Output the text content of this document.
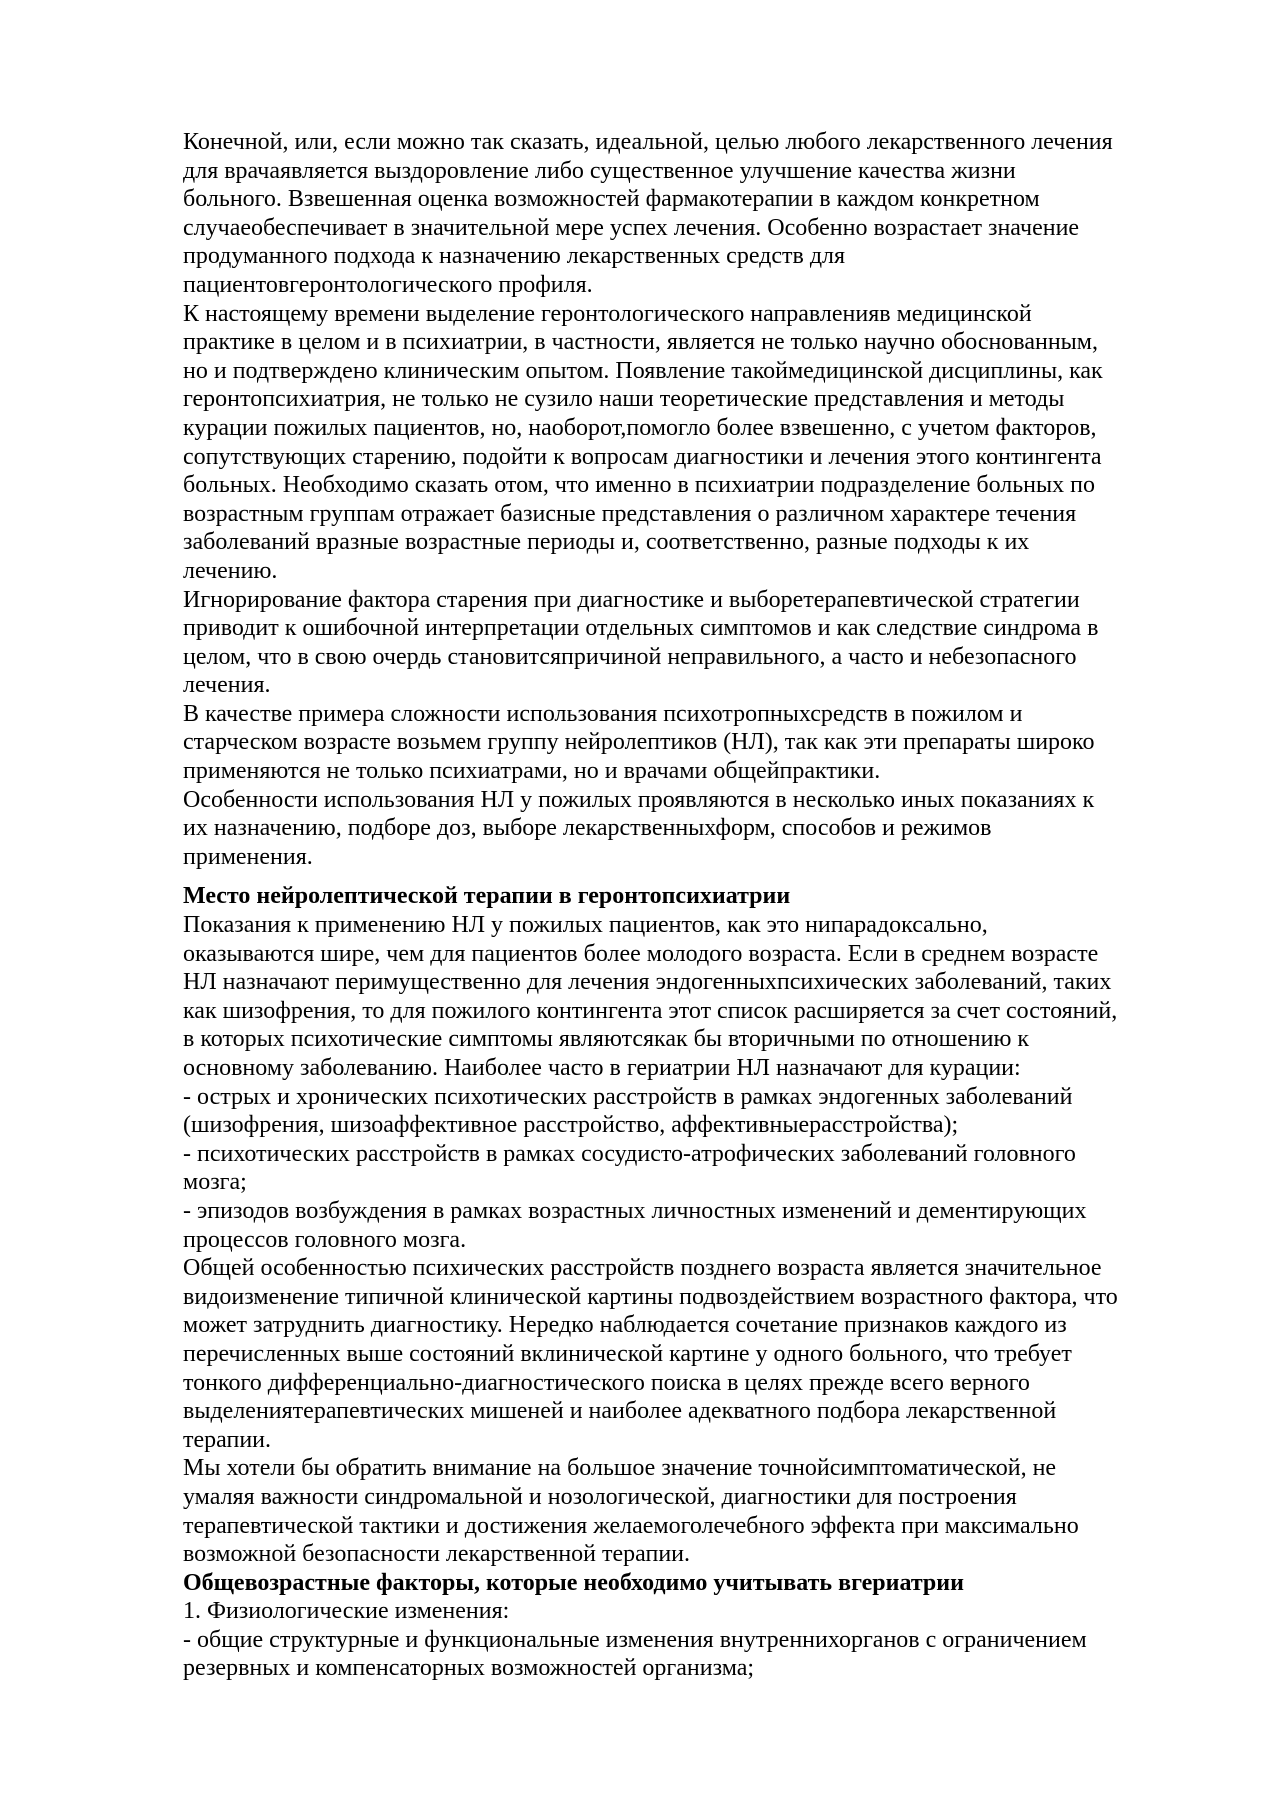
Конечной, или, если можно так сказать, идеальной, целью любого лекарственного лечения
для врачаявляется выздоровление либо существенное улучшение качества жизни
больного. Взвешенная оценка возможностей фармакотерапии в каждом конкретном
случаеобеспечивает в значительной мере успех лечения. Особенно возрастает значение
продуманного подхода к назначению лекарственных средств для
пациентовгеронтологического профиля.
К настоящему времени выделение геронтологического направленияв медицинской
практике в целом и в психиатрии, в частности, является не только научно обоснованным,
но и подтверждено клиническим опытом. Появление такоймедицинской дисциплины, как
геронтопсихиатрия, не только не сузило наши теоретические представления и методы
курации пожилых пациентов, но, наоборот,помогло более взвешенно, с учетом факторов,
сопутствующих старению, подойти к вопросам диагностики и лечения этого контингента
больных. Необходимо сказать отом, что именно в психиатрии подразделение больных по
возрастным группам отражает базисные представления о различном характере течения
заболеваний вразные возрастные периоды и, соответственно, разные подходы к их
лечению.
Игнорирование фактора старения при диагностике и выборетерапевтической стратегии
приводит к ошибочной интерпретации отдельных симптомов и как следствие синдрома в
целом, что в свою очердь становитсяпричиной неправильного, а часто и небезопасного
лечения.
В качестве примера сложности использования психотропныхсредств в пожилом и
старческом возрасте возьмем группу нейролептиков (НЛ), так как эти препараты широко
применяются не только психиатрами, но и врачами общейпрактики.
Особенности использования НЛ у пожилых проявляются в несколько иных показаниях к
их назначению, подборе доз, выборе лекарственныхформ, способов и режимов
применения.
Место нейролептической терапии в геронтопсихиатрии
Показания к применению НЛ у пожилых пациентов, как это нипарадоксально,
оказываются шире, чем для пациентов более молодого возраста. Если в среднем возрасте
НЛ назначают перимущественно для лечения эндогенныхпсихических заболеваний, таких
как шизофрения, то для пожилого контингента этот список расширяется за счет состояний,
в которых психотические симптомы являютсякак бы вторичными по отношению к
основному заболеванию. Наиболее часто в гериатрии НЛ назначают для курации:
- острых и хронических психотических расстройств в рамках эндогенных заболеваний
(шизофрения, шизоаффективное расстройство, аффективныерасстройства);
- психотических расстройств в рамках сосудисто-атрофических заболеваний головного
мозга;
- эпизодов возбуждения в рамках возрастных личностных изменений и дементирующих
процессов головного мозга.
Общей особенностью психических расстройств позднего возраста является значительное
видоизменение типичной клинической картины подвоздействием возрастного фактора, что
может затруднить диагностику. Нередко наблюдается сочетание признаков каждого из
перечисленных выше состояний вклинической картине у одного больного, что требует
тонкого дифференциально-диагностического поиска в целях прежде всего верного
выделениятерапевтических мишеней и наиболее адекватного подбора лекарственной
терапии.
Мы хотели бы обратить внимание на большое значение точнойсимптоматической, не
умаляя важности синдромальной и нозологической, диагностики для построения
терапевтической тактики и достижения желаемоголечебного эффекта при максимально
возможной безопасности лекарственной терапии.
Общевозрастные факторы, которые необходимо учитывать вгериатрии
1. Физиологические изменения:
- общие структурные и функциональные изменения внутреннихорганов с ограничением
резервных и компенсаторных возможностей организма;
